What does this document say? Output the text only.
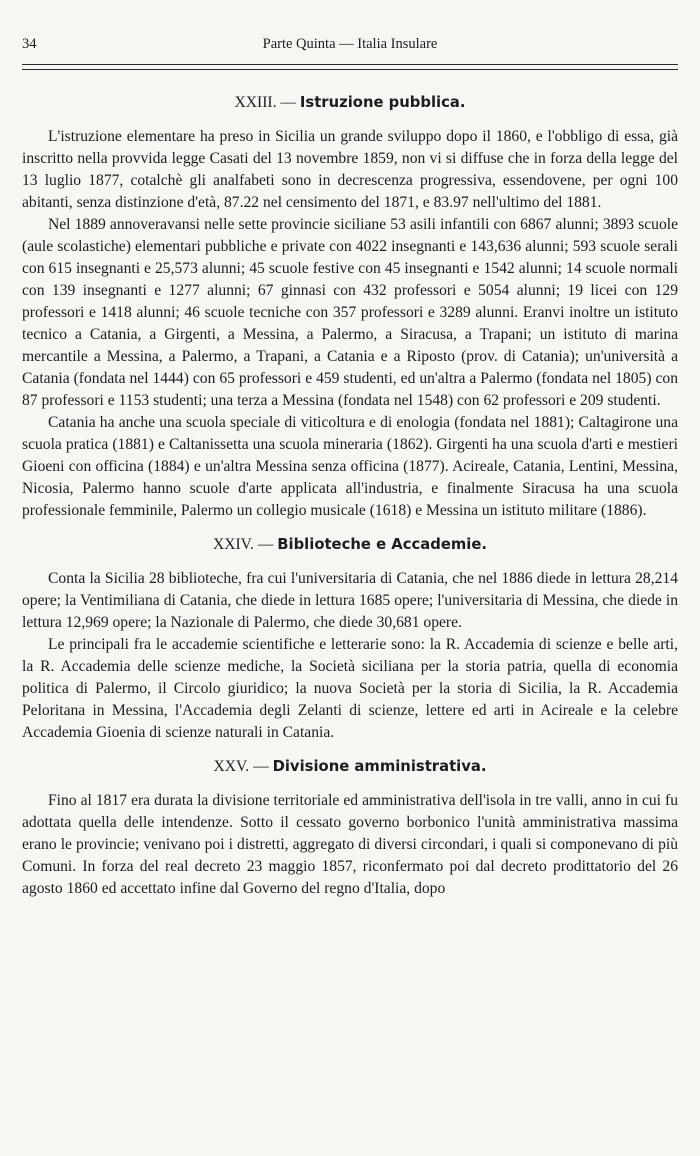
34	Parte Quinta — Italia Insulare
XXIII. — Istruzione pubblica.

L'istruzione elementare ha preso in Sicilia un grande sviluppo dopo il 1860, e l'obbligo di essa, già inscritto nella provvida legge Casati del 13 novembre 1859, non vi si diffuse che in forza della legge del 13 luglio 1877, cotalchè gli analfabeti sono in decrescenza progressiva, essendovene, per ogni 100 abitanti, senza distinzione d'età, 87.22 nel censimento del 1871, e 83.97 nell'ultimo del 1881.

Nel 1889 annoveravansi nelle sette provincie siciliane 53 asili infantili con 6867 alunni; 3893 scuole (aule scolastiche) elementari pubbliche e private con 4022 insegnanti e 143,636 alunni; 593 scuole serali con 615 insegnanti e 25,573 alunni; 45 scuole festive con 45 insegnanti e 1542 alunni; 14 scuole normali con 139 insegnanti e 1277 alunni; 67 ginnasi con 432 professori e 5054 alunni; 19 licei con 129 professori e 1418 alunni; 46 scuole tecniche con 357 professori e 3289 alunni. Eranvi inoltre un istituto tecnico a Catania, a Girgenti, a Messina, a Palermo, a Siracusa, a Trapani; un istituto di marina mercantile a Messina, a Palermo, a Trapani, a Catania e a Riposto (prov. di Catania); un'università a Catania (fondata nel 1444) con 65 professori e 459 studenti, ed un'altra a Palermo (fondata nel 1805) con 87 professori e 1153 studenti; una terza a Messina (fondata nel 1548) con 62 professori e 209 studenti.

Catania ha anche una scuola speciale di viticoltura e di enologia (fondata nel 1881); Caltagirone una scuola pratica (1881) e Caltanissetta una scuola mineraria (1862). Girgenti ha una scuola d'arti e mestieri Gioeni con officina (1884) e un'altra Messina senza officina (1877). Acireale, Catania, Lentini, Messina, Nicosia, Palermo hanno scuole d'arte applicata all'industria, e finalmente Siracusa ha una scuola professionale femminile, Palermo un collegio musicale (1618) e Messina un istituto militare (1886).

XXIV. — Biblioteche e Accademie.

Conta la Sicilia 28 biblioteche, fra cui l'universitaria di Catania, che nel 1886 diede in lettura 28,214 opere; la Ventimiliana di Catania, che diede in lettura 1685 opere; l'universitaria di Messina, che diede in lettura 12,969 opere; la Nazionale di Palermo, che diede 30,681 opere.

Le principali fra le accademie scientifiche e letterarie sono: la R. Accademia di scienze e belle arti, la R. Accademia delle scienze mediche, la Società siciliana per la storia patria, quella di economia politica di Palermo, il Circolo giuridico; la nuova Società per la storia di Sicilia, la R. Accademia Peloritana in Messina, l'Accademia degli Zelanti di scienze, lettere ed arti in Acireale e la celebre Accademia Gioenia di scienze naturali in Catania.

XXV. — Divisione amministrativa.

Fino al 1817 era durata la divisione territoriale ed amministrativa dell'isola in tre valli, anno in cui fu adottata quella delle intendenze. Sotto il cessato governo borbonico l'unità amministrativa massima erano le provincie; venivano poi i distretti, aggregato di diversi circondari, i quali si componevano di più Comuni. In forza del real decreto 23 maggio 1857, riconfermato poi dal decreto prodittatorio del 26 agosto 1860 ed accettato infine dal Governo del regno d'Italia, dopo
